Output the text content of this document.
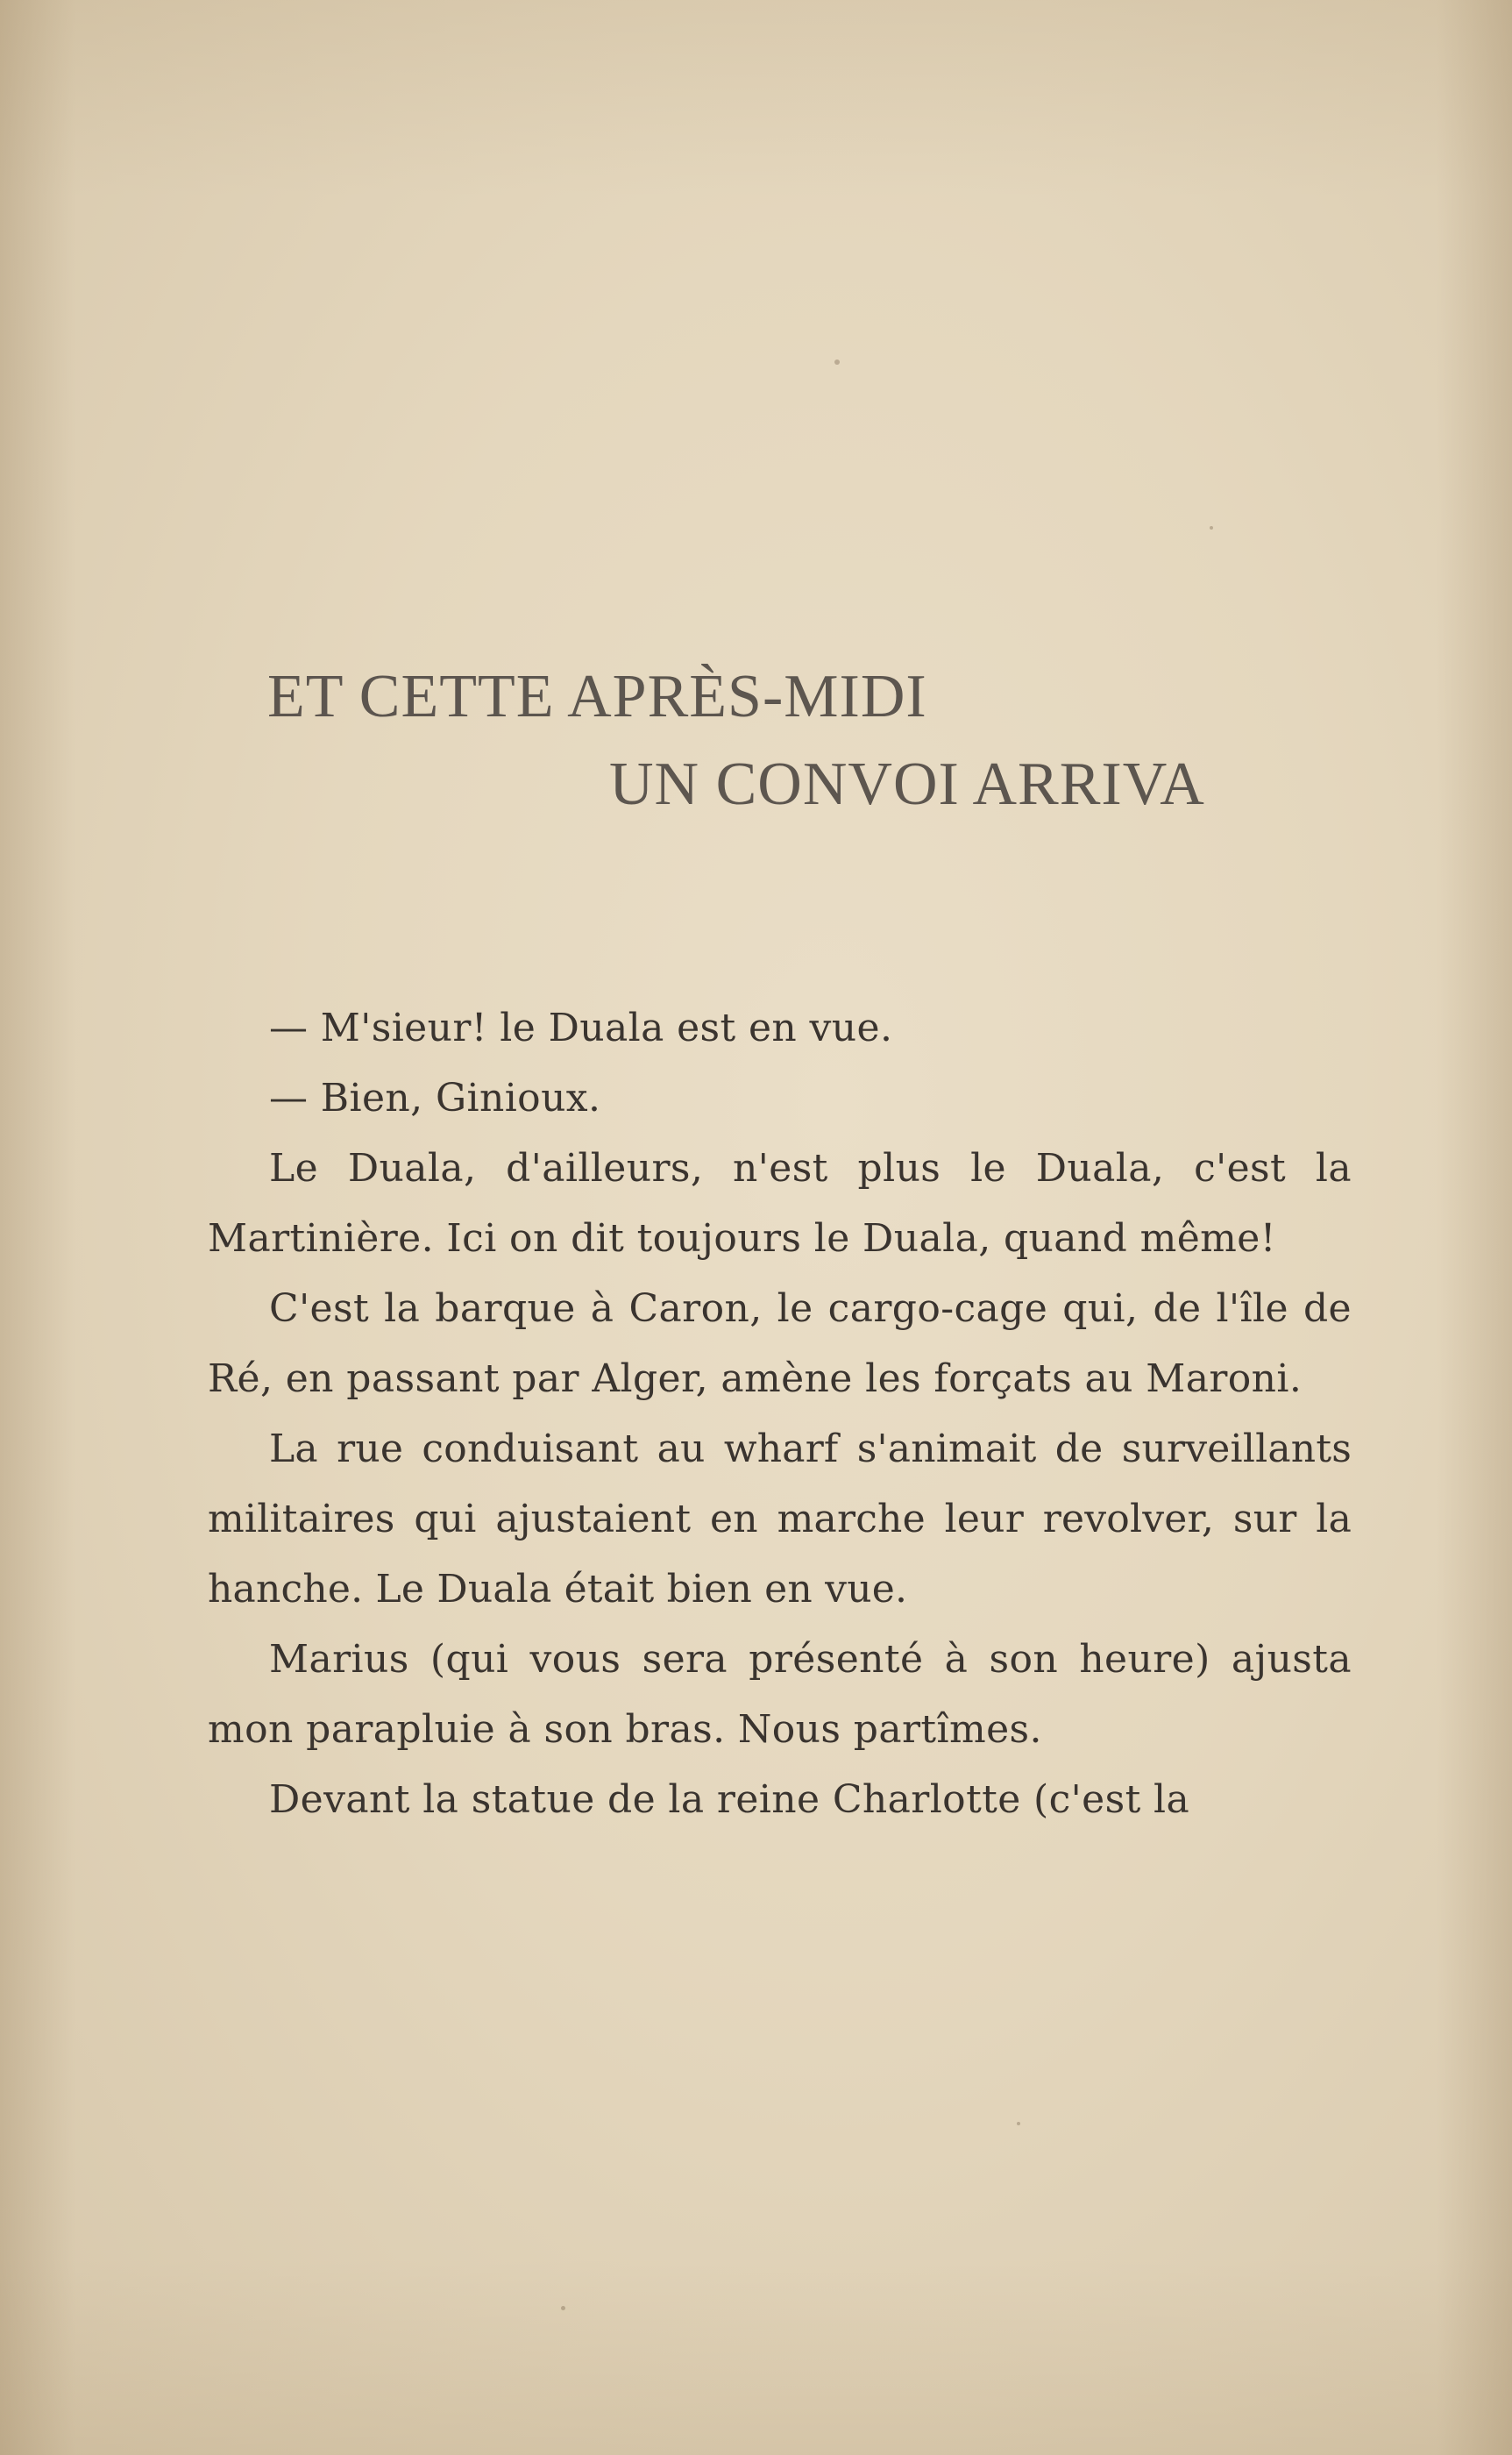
ET CETTE APRÈS-MIDI
UN CONVOI ARRIVA

— M'sieur! le Duala est en vue.

— Bien, Ginioux.

Le Duala, d'ailleurs, n'est plus le Duala, c'est la Martinière. Ici on dit toujours le Duala, quand même!

C'est la barque à Caron, le cargo-cage qui, de l'île de Ré, en passant par Alger, amène les forçats au Maroni.

La rue conduisant au wharf s'animait de surveillants militaires qui ajustaient en marche leur revolver, sur la hanche. Le Duala était bien en vue.

Marius (qui vous sera présenté à son heure) ajusta mon parapluie à son bras. Nous partîmes.

Devant la statue de la reine Charlotte (c'est la
